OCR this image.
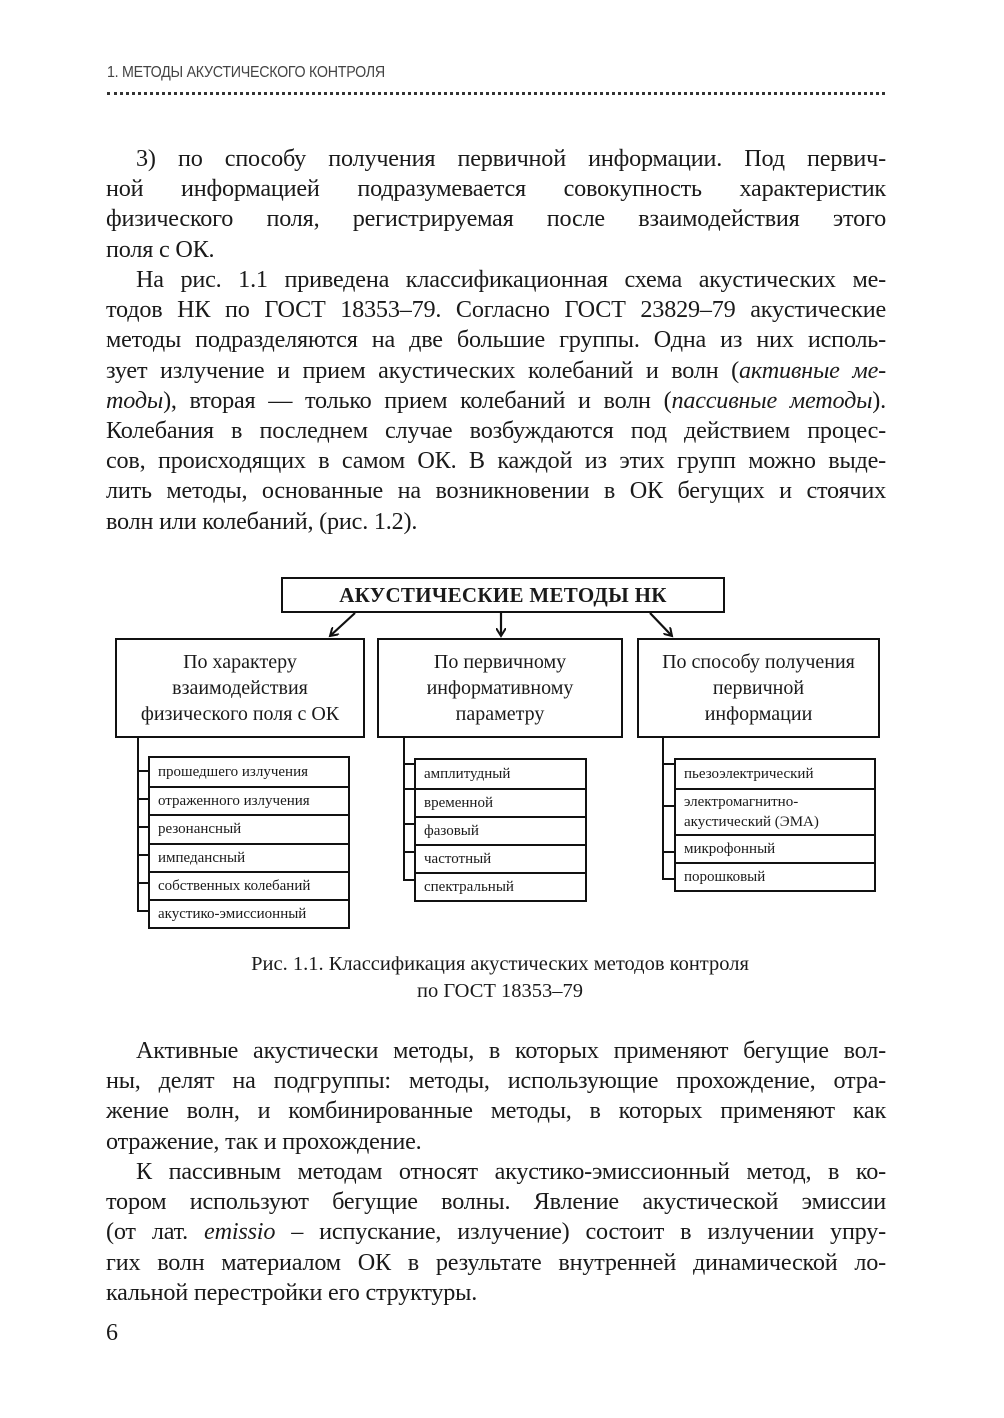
1. МЕТОДЫ АКУСТИЧЕСКОГО КОНТРОЛЯ
3) по способу получения первичной информации. Под первич-
ной информацией подразумевается совокупность характеристик
физического поля, регистрируемая после взаимодействия этого
поля с ОК.
На рис. 1.1 приведена классификационная схема акустических ме-
тодов НК по ГОСТ 18353–79. Согласно ГОСТ 23829–79 акустические
методы подразделяются на две большие группы. Одна из них исполь-
зует излучение и прием акустических колебаний и волн (активные ме-
тоды), вторая — только прием колебаний и волн (пассивные методы).
Колебания в последнем случае возбуждаются под действием процес-
сов, происходящих в самом ОК. В каждой из этих групп можно выде-
лить методы, основанные на возникновении в ОК бегущих и стоячих
волн или колебаний, (рис. 1.2).
АКУСТИЧЕСКИЕ МЕТОДЫ НК
По характеру
взаимодействия
физического поля с ОК
По первичному
информативному
параметру
По способу получения
первичной
информации
прошедшего излучения
отраженного излучения
резонансный
импедансный
собственных колебаний
акустико-эмиссионный
амплитудный
временной
фазовый
частотный
спектральный
пьезоэлектрический
электромагнитно-
акустический (ЭМА)
микрофонный
порошковый
Рис. 1.1. Классификация акустических методов контроля
по ГОСТ 18353–79
Активные акустически методы, в которых применяют бегущие вол-
ны, делят на подгруппы: методы, использующие прохождение, отра-
жение волн, и комбинированные методы, в которых применяют как
отражение, так и прохождение.
К пассивным методам относят акустико-эмиссионный метод, в ко-
тором используют бегущие волны. Явление акустической эмиссии
(от лат. emissio – испускание, излучение) состоит в излучении упру-
гих волн материалом ОК в результате внутренней динамической ло-
кальной перестройки его структуры.
6
